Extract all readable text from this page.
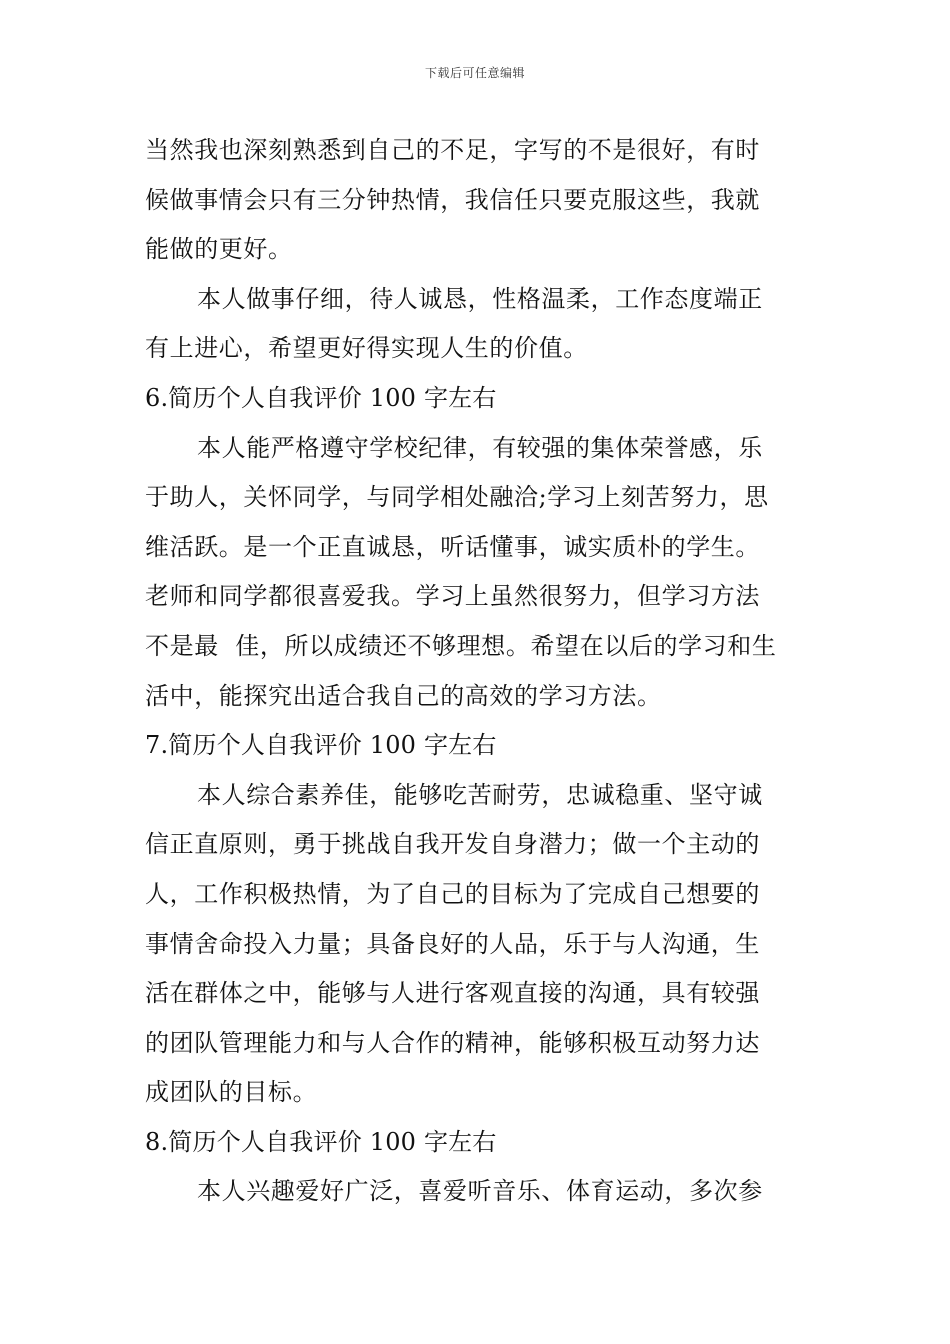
下载后可任意编辑
当然我也深刻熟悉到自己的不足，字写的不是很好，有时
候做事情会只有三分钟热情，我信任只要克服这些，我就
能做的更好。
本人做事仔细，待人诚恳，性格温柔，工作态度端正
有上进心，希望更好得实现人生的价值。
6.简历个人自我评价 100 字左右
本人能严格遵守学校纪律，有较强的集体荣誉感，乐
于助人，关怀同学，与同学相处融洽;学习上刻苦努力，思
维活跃。是一个正直诚恳，听话懂事，诚实质朴的学生。
老师和同学都很喜爱我。学习上虽然很努力，但学习方法
不是最  佳，所以成绩还不够理想。希望在以后的学习和生
活中，能探究出适合我自己的高效的学习方法。
7.简历个人自我评价 100 字左右
本人综合素养佳，能够吃苦耐劳，忠诚稳重、坚守诚
信正直原则，勇于挑战自我开发自身潜力；做一个主动的
人，工作积极热情，为了自己的目标为了完成自己想要的
事情舍命投入力量；具备良好的人品，乐于与人沟通，生
活在群体之中，能够与人进行客观直接的沟通，具有较强
的团队管理能力和与人合作的精神，能够积极互动努力达
成团队的目标。
8.简历个人自我评价 100 字左右
本人兴趣爱好广泛，喜爱听音乐、体育运动，多次参
